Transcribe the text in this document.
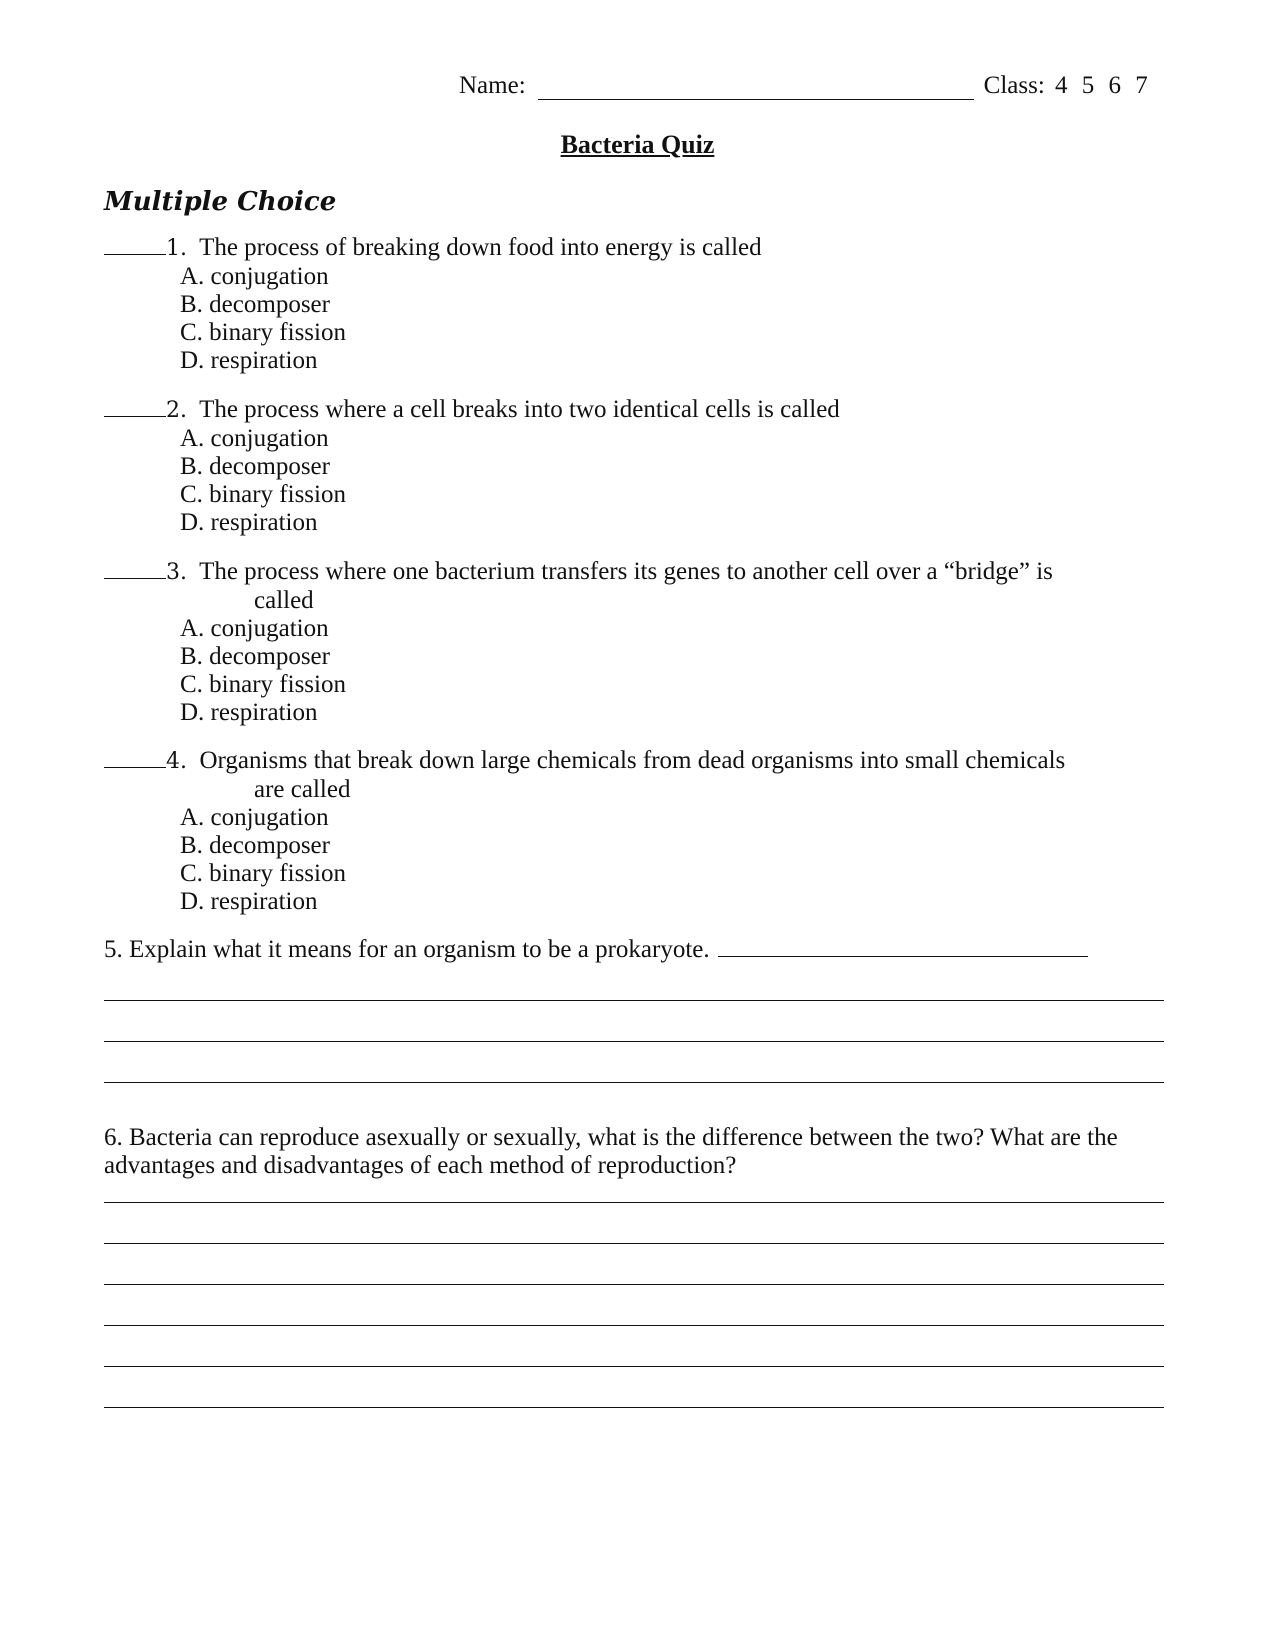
Name:	Class: 4 5 6 7
Bacteria Quiz
Multiple Choice
1. The process of breaking down food into energy is called
A. conjugation
B. decomposer
C. binary fission
D. respiration
2. The process where a cell breaks into two identical cells is called
A. conjugation
B. decomposer
C. binary fission
D. respiration
3. The process where one bacterium transfers its genes to another cell over a “bridge” is
called
A. conjugation
B. decomposer
C. binary fission
D. respiration
4. Organisms that break down large chemicals from dead organisms into small chemicals
are called
A. conjugation
B. decomposer
C. binary fission
D. respiration
5. Explain what it means for an organism to be a prokaryote.
6. Bacteria can reproduce asexually or sexually, what is the difference between the two? What are the advantages and disadvantages of each method of reproduction?
